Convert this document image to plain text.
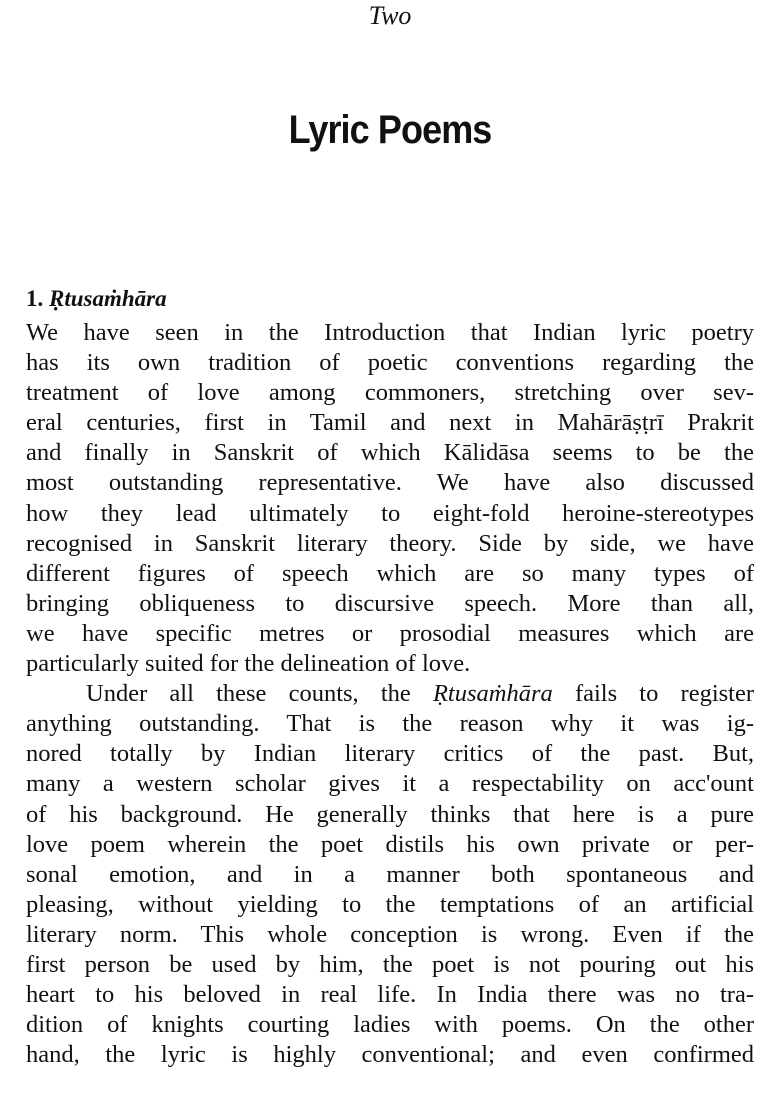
Two
Lyric Poems
1. Ṛtusaṁhāra
We have seen in the Introduction that Indian lyric poetry
has its own tradition of poetic conventions regarding the
treatment of love among commoners, stretching over sev-
eral centuries, first in Tamil and next in Mahārāṣṭrī Prakrit
and finally in Sanskrit of which Kālidāsa seems to be the
most outstanding representative. We have also discussed
how they lead ultimately to eight-fold heroine-stereotypes
recognised in Sanskrit literary theory. Side by side, we have
different figures of speech which are so many types of
bringing obliqueness to discursive speech. More than all,
we have specific metres or prosodial measures which are
particularly suited for the delineation of love.
Under all these counts, the Ṛtusaṁhāra fails to register
anything outstanding. That is the reason why it was ig-
nored totally by Indian literary critics of the past. But,
many a western scholar gives it a respectability on acc'ount
of his background. He generally thinks that here is a pure
love poem wherein the poet distils his own private or per-
sonal emotion, and in a manner both spontaneous and
pleasing, without yielding to the temptations of an artificial
literary norm. This whole conception is wrong. Even if the
first person be used by him, the poet is not pouring out his
heart to his beloved in real life. In India there was no tra-
dition of knights courting ladies with poems. On the other
hand, the lyric is highly conventional; and even confirmed
